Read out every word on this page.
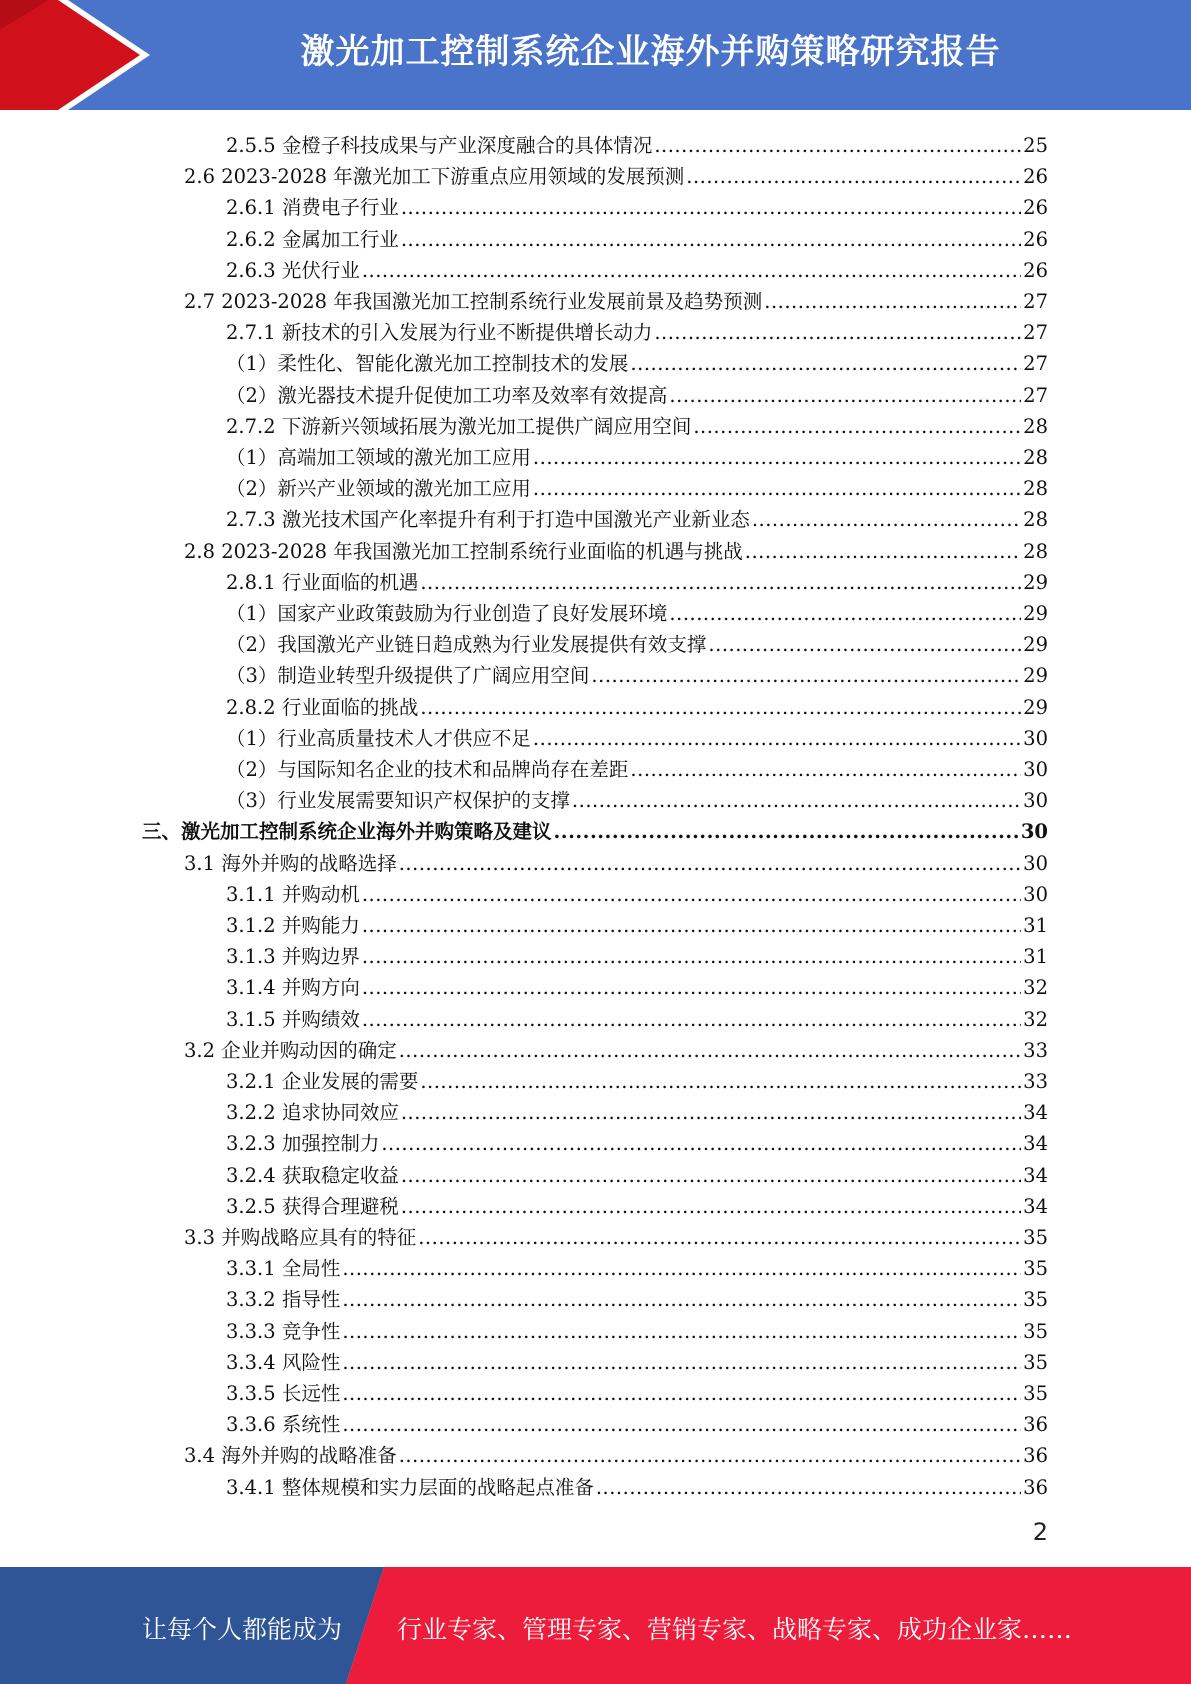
激光加工控制系统企业海外并购策略研究报告
2.5.5 金橙子科技成果与产业深度融合的具体情况 .....	25
2.6 2023-2028 年激光加工下游重点应用领域的发展预测 .....	26
2.6.1 消费电子行业 .....	26
2.6.2 金属加工行业 .....	26
2.6.3 光伏行业 .....	26
2.7 2023-2028 年我国激光加工控制系统行业发展前景及趋势预测 .....	27
2.7.1 新技术的引入发展为行业不断提供增长动力 .....	27
（1）柔性化、智能化激光加工控制技术的发展 .....	27
（2）激光器技术提升促使加工功率及效率有效提高 .....	27
2.7.2 下游新兴领域拓展为激光加工提供广阔应用空间 .....	28
（1）高端加工领域的激光加工应用 .....	28
（2）新兴产业领域的激光加工应用 .....	28
2.7.3 激光技术国产化率提升有利于打造中国激光产业新业态 .....	28
2.8 2023-2028 年我国激光加工控制系统行业面临的机遇与挑战 .....	28
2.8.1 行业面临的机遇 .....	29
（1）国家产业政策鼓励为行业创造了良好发展环境 .....	29
（2）我国激光产业链日趋成熟为行业发展提供有效支撑 .....	29
（3）制造业转型升级提供了广阔应用空间 .....	29
2.8.2 行业面临的挑战 .....	29
（1）行业高质量技术人才供应不足 .....	30
（2）与国际知名企业的技术和品牌尚存在差距 .....	30
（3）行业发展需要知识产权保护的支撑 .....	30
三、激光加工控制系统企业海外并购策略及建议 .....	30
3.1 海外并购的战略选择 .....	30
3.1.1 并购动机 .....	30
3.1.2 并购能力 .....	31
3.1.3 并购边界 .....	31
3.1.4 并购方向 .....	32
3.1.5 并购绩效 .....	32
3.2 企业并购动因的确定 .....	33
3.2.1 企业发展的需要 .....	33
3.2.2 追求协同效应 .....	34
3.2.3 加强控制力 .....	34
3.2.4 获取稳定收益 .....	34
3.2.5 获得合理避税 .....	34
3.3 并购战略应具有的特征 .....	35
3.3.1 全局性 .....	35
3.3.2 指导性 .....	35
3.3.3 竞争性 .....	35
3.3.4 风险性 .....	35
3.3.5 长远性 .....	35
3.3.6 系统性 .....	36
3.4 海外并购的战略准备 .....	36
3.4.1 整体规模和实力层面的战略起点准备 .....	36
2
让每个人都能成为 行业专家、管理专家、营销专家、战略专家、成功企业家……
